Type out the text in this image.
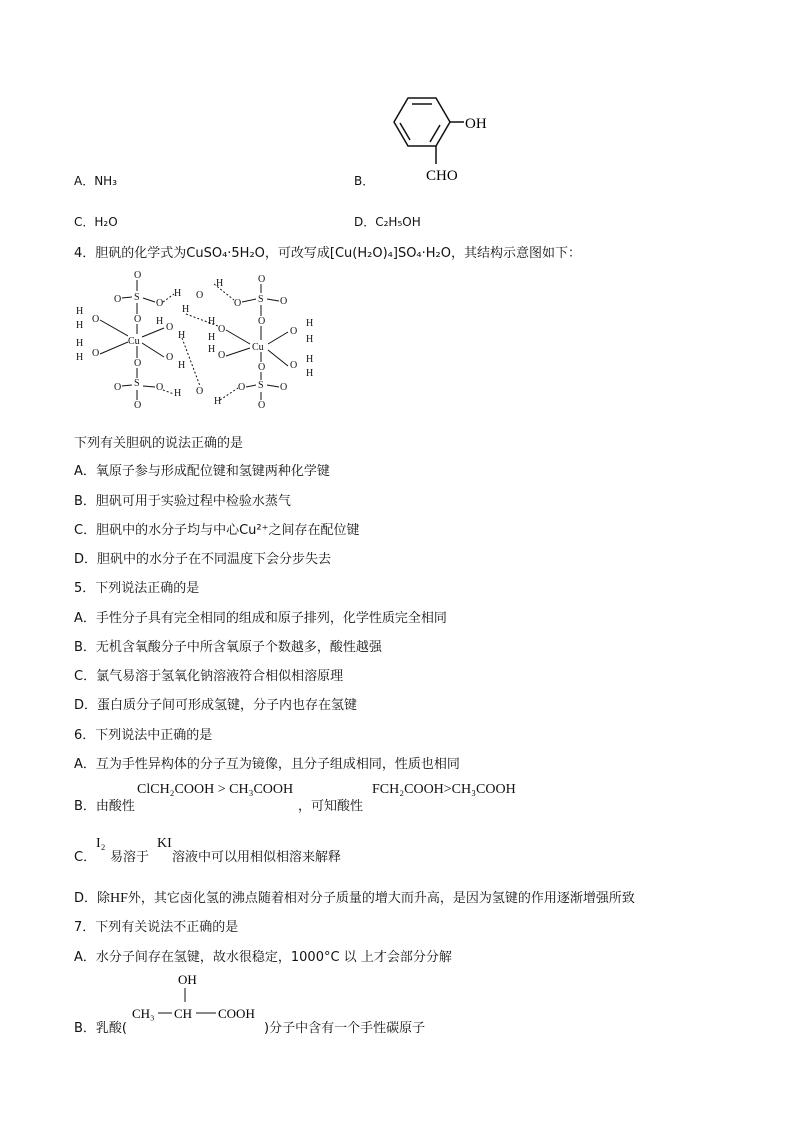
A．NH₃	B．
OH
CHO
C．H₂O	D．C₂H₅OH
4．胆矾的化学式为CuSO₄·5H₂O，可改写成[Cu(H₂O)₄]SO₄·H₂O，其结构示意图如下：
O
S
O	O
O
H O
H
H
O
S
O	O
O
H
O
H
H
O
H
Cu
H
O
H
O
H
H
O
H
H
O
Cu
H
O
H
H
O
H
O
S
O	O
O
H O
H
O
S
O	O
O
下列有关胆矾的说法正确的是
A．氧原子参与形成配位键和氢键两种化学键
B．胆矾可用于实验过程中检验水蒸气
C．胆矾中的水分子均与中心Cu²⁺之间存在配位键
D．胆矾中的水分子在不同温度下会分步失去
5．下列说法正确的是
A．手性分子具有完全相同的组成和原子排列，化学性质完全相同
B．无机含氧酸分子中所含氧原子个数越多，酸性越强
C．氯气易溶于氢氧化钠溶液符合相似相溶原理
D．蛋白质分子间可形成氢键，分子内也存在氢键
6．下列说法中正确的是
A．互为手性异构体的分子互为镜像，且分子组成相同，性质也相同
B．由酸性
ClCH₂COOH > CH₃COOH
，可知酸性
FCH₂COOH>CH₃COOH
C．
I₂
易溶于
KI
溶液中可以用相似相溶来解释
D．除HF外，其它卤化氢的沸点随着相对分子质量的增大而升高，是因为氢键的作用逐渐增强所致
7．下列有关说法不正确的是
A．水分子间存在氢键，故水很稳定，1000°C 以 上才会部分分解
B．乳酸(
OH
CH₃ CH COOH
)分子中含有一个手性碳原子
